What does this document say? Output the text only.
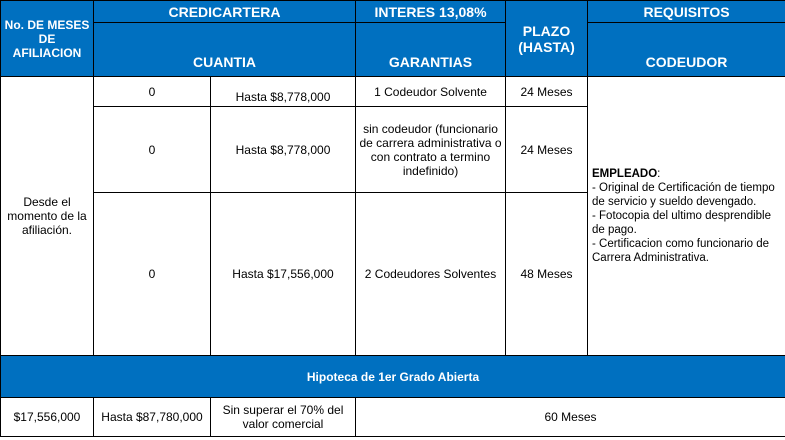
No. DE MESES DE AFILIACION	CREDICARTERA		INTERES 13,08%	PLAZO (HASTA)	REQUISITOS
	CUANTIA		GARANTIAS		CODEUDOR

Desde el momento de la afiliación.	0	Hasta $8,778,000	1 Codeudor Solvente	24 Meses	EMPLEADO:
- Original de Certificación de tiempo de servicio y sueldo devengado.
- Fotocopia del ultimo desprendible de pago.
- Certificacion como funcionario de Carrera Administrativa.

	0	Hasta $8,778,000	sin codeudor (funcionario de carrera administrativa o con contrato a termino indefinido)	24 Meses	
	0	Hasta $17,556,000	2 Codeudores Solventes	48 Meses	
Hipoteca de 1er Grado Abierta					
$17,556,000	Hasta $87,780,000	Sin superar el 70% del valor comercial	60 Meses		
